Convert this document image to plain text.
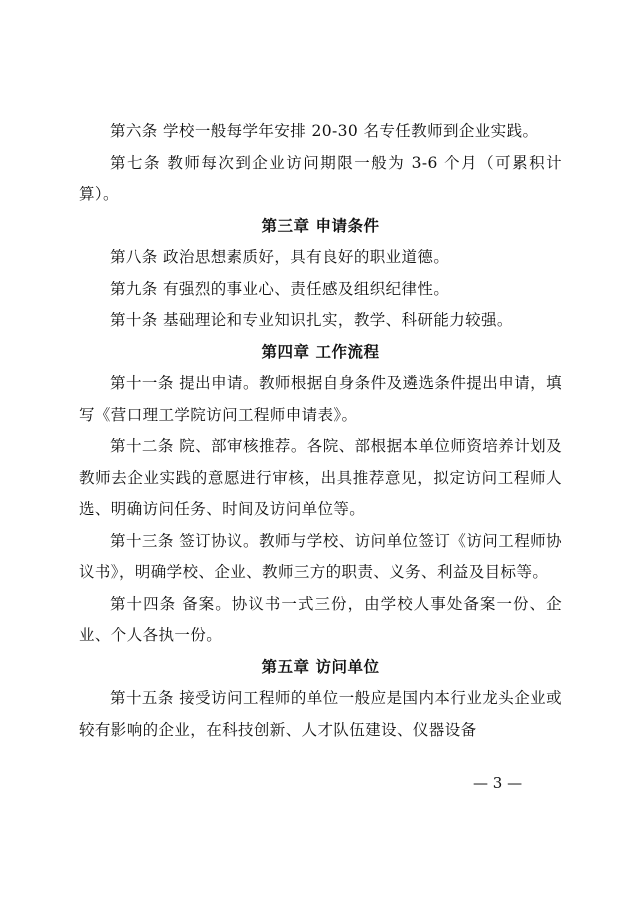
第六条 学校一般每学年安排 20-30 名专任教师到企业实践。

第七条 教师每次到企业访问期限一般为 3-6 个月（可累积计算）。

第三章 申请条件

第八条 政治思想素质好，具有良好的职业道德。

第九条 有强烈的事业心、责任感及组织纪律性。

第十条 基础理论和专业知识扎实，教学、科研能力较强。

第四章 工作流程

第十一条 提出申请。教师根据自身条件及遴选条件提出申请，填写《营口理工学院访问工程师申请表》。

第十二条 院、部审核推荐。各院、部根据本单位师资培养计划及教师去企业实践的意愿进行审核，出具推荐意见，拟定访问工程师人选、明确访问任务、时间及访问单位等。

第十三条 签订协议。教师与学校、访问单位签订《访问工程师协议书》，明确学校、企业、教师三方的职责、义务、利益及目标等。

第十四条 备案。协议书一式三份，由学校人事处备案一份、企业、个人各执一份。

第五章 访问单位

第十五条 接受访问工程师的单位一般应是国内本行业龙头企业或较有影响的企业，在科技创新、人才队伍建设、仪器设备

— 3 —
